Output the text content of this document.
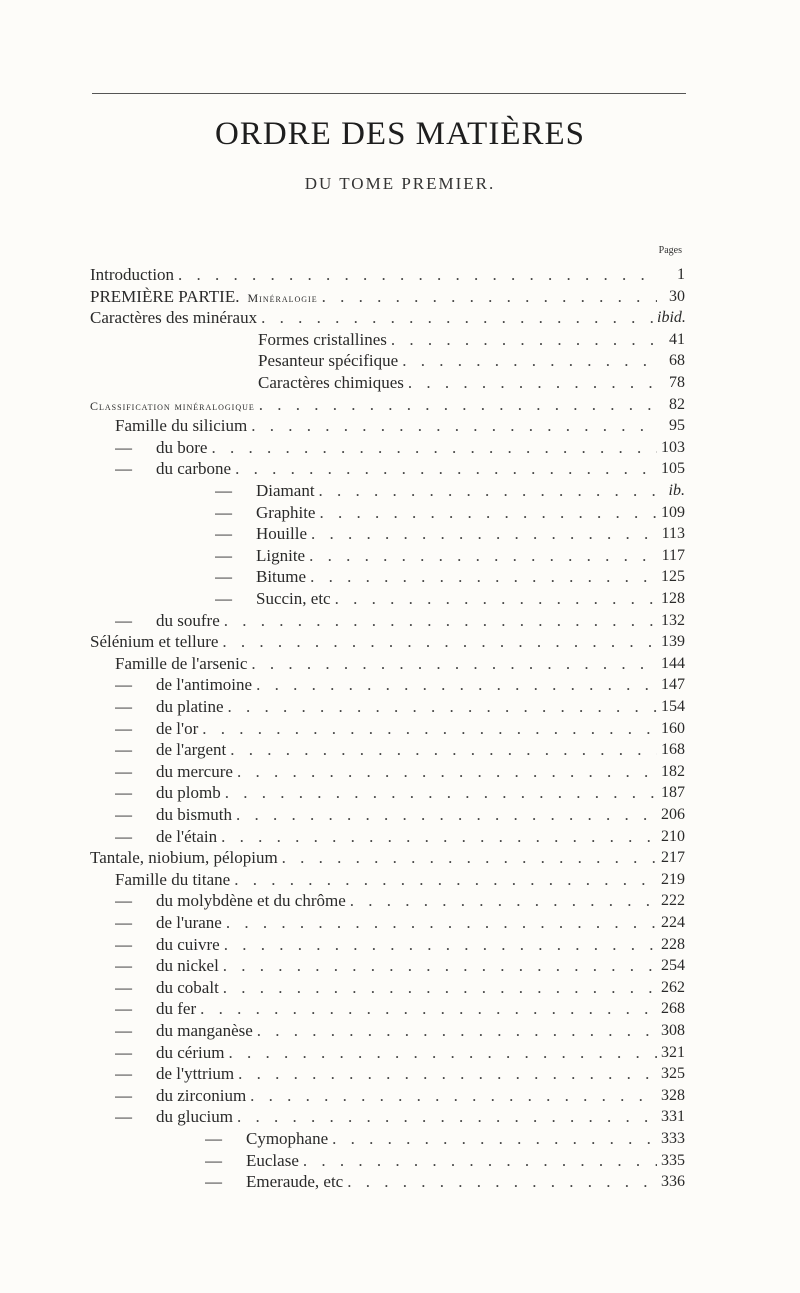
ORDRE DES MATIÈRES
DU TOME PREMIER.
Pages
Introduction . . .	1
PREMIÈRE PARTIE. Minéralogie . . .	30
Caractères des minéraux . . .	ibid.
Formes cristallines . . .	41
Pesanteur spécifique . . .	68
Caractères chimiques . . .	78
Classification minéralogique . . .	82
Famille du silicium . . .	95
— du bore . . .	103
— du carbone . . .	105
— Diamant . . .	ib.
— Graphite . . .	109
— Houille . . .	113
— Lignite . . .	117
— Bitume . . .	125
— Succin, etc . . .	128
— du soufre . . .	132
Sélénium et tellure . . .	139
Famille de l'arsenic . . .	144
— de l'antimoine . . .	147
— du platine . . .	154
— de l'or . . .	160
— de l'argent . . .	168
— du mercure . . .	182
— du plomb . . .	187
— du bismuth . . .	206
— de l'étain . . .	210
Tantale, niobium, pélopium . . .	217
Famille du titane . . .	219
— du molybdène et du chrôme . . .	222
— de l'urane . . .	224
— du cuivre . . .	228
— du nickel . . .	254
— du cobalt . . .	262
— du fer . . .	268
— du manganèse . . .	308
— du cérium . . .	321
— de l'yttrium . . .	325
— du zirconium . . .	328
— du glucium . . .	331
— Cymophane . . .	333
— Euclase . . .	335
— Emeraude, etc . . .	336
